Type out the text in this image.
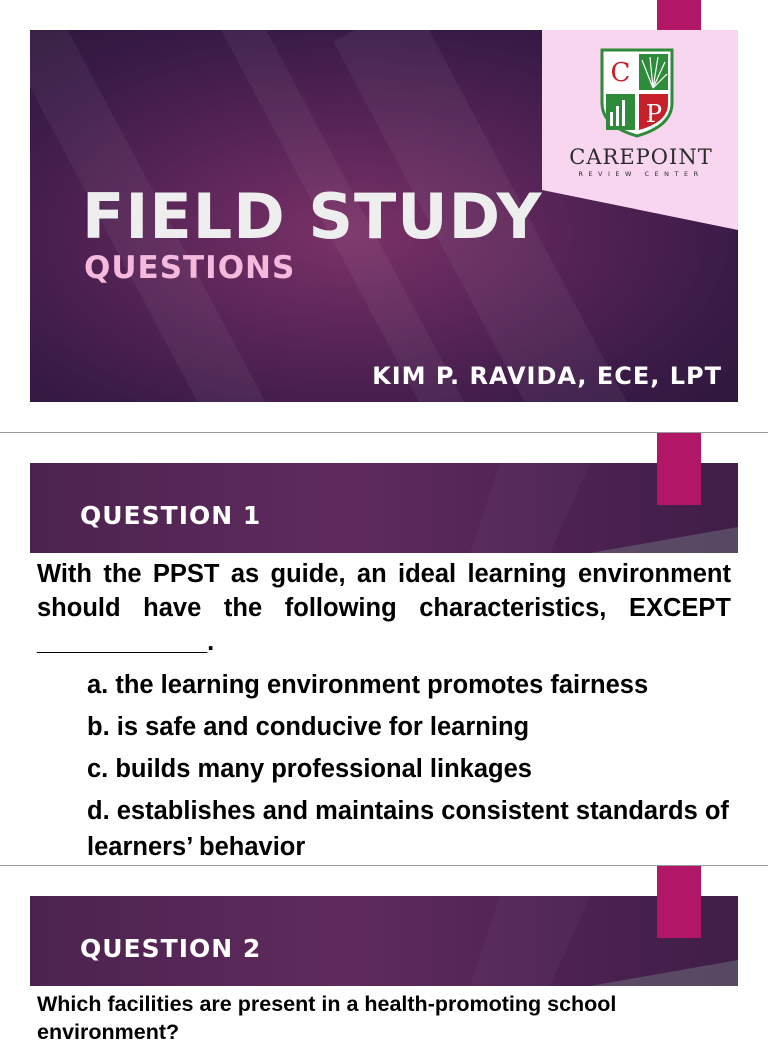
C
P
CAREPOINT
REVIEW CENTER
FIELD STUDY
QUESTIONS
KIM P. RAVIDA, ECE, LPT
QUESTION 1
With the PPST as guide, an ideal learning environment should have the following characteristics, EXCEPT ____________.
a. the learning environment promotes fairness
b. is safe and conducive for learning
c. builds many professional linkages
d. establishes and maintains consistent standards of learners’ behavior
QUESTION 2
Which facilities are present in a health-promoting school environment?
